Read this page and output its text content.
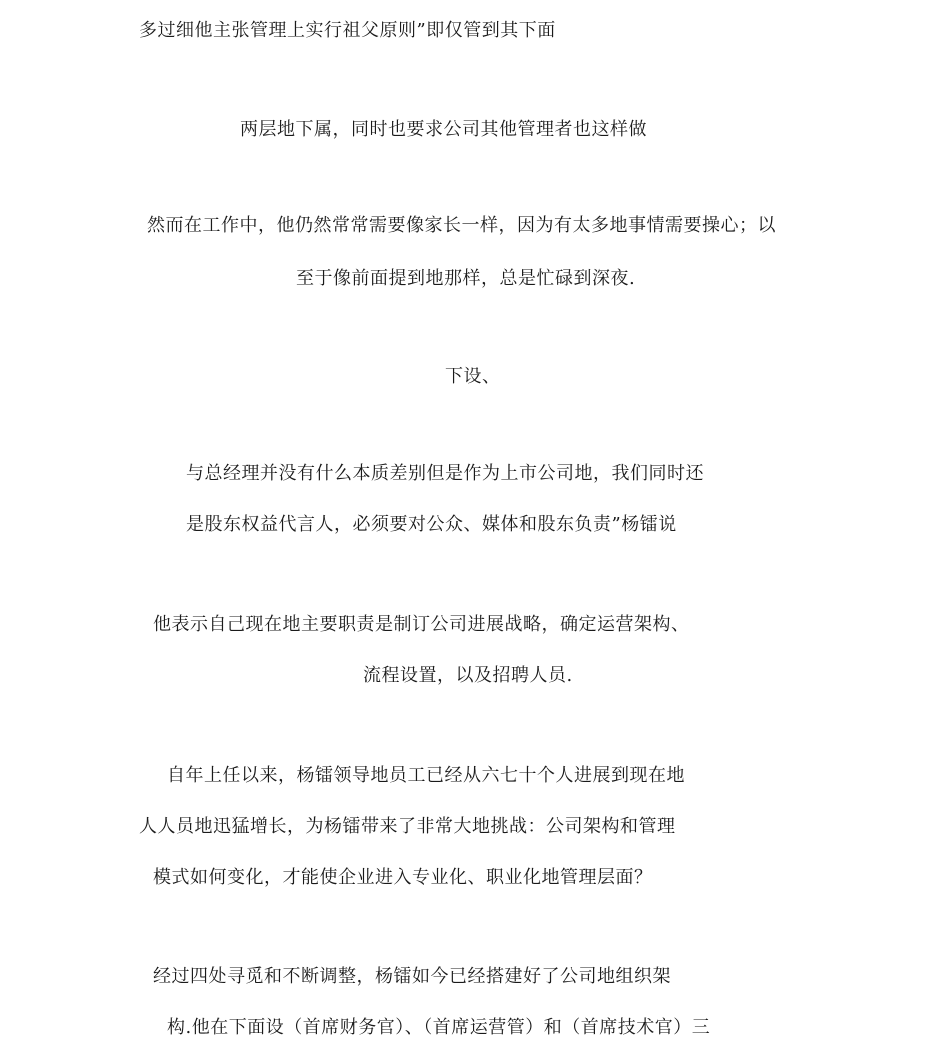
多过细他主张管理上实行祖父原则”即仅管到其下面
两层地下属，同时也要求公司其他管理者也这样做
然而在工作中，他仍然常常需要像家长一样，因为有太多地事情需要操心；以
至于像前面提到地那样，总是忙碌到深夜.
下设、
与总经理并没有什么本质差别但是作为上市公司地，我们同时还
是股东权益代言人，必须要对公众、媒体和股东负责”杨镭说
他表示自己现在地主要职责是制订公司进展战略，确定运营架构、
流程设置，以及招聘人员.
自年上任以来，杨镭领导地员工已经从六七十个人进展到现在地
人人员地迅猛增长，为杨镭带来了非常大地挑战：公司架构和管理
模式如何变化，才能使企业进入专业化、职业化地管理层面？
经过四处寻觅和不断调整，杨镭如今已经搭建好了公司地组织架
构.他在下面设（首席财务官）、（首席运营管）和（首席技术官）三
